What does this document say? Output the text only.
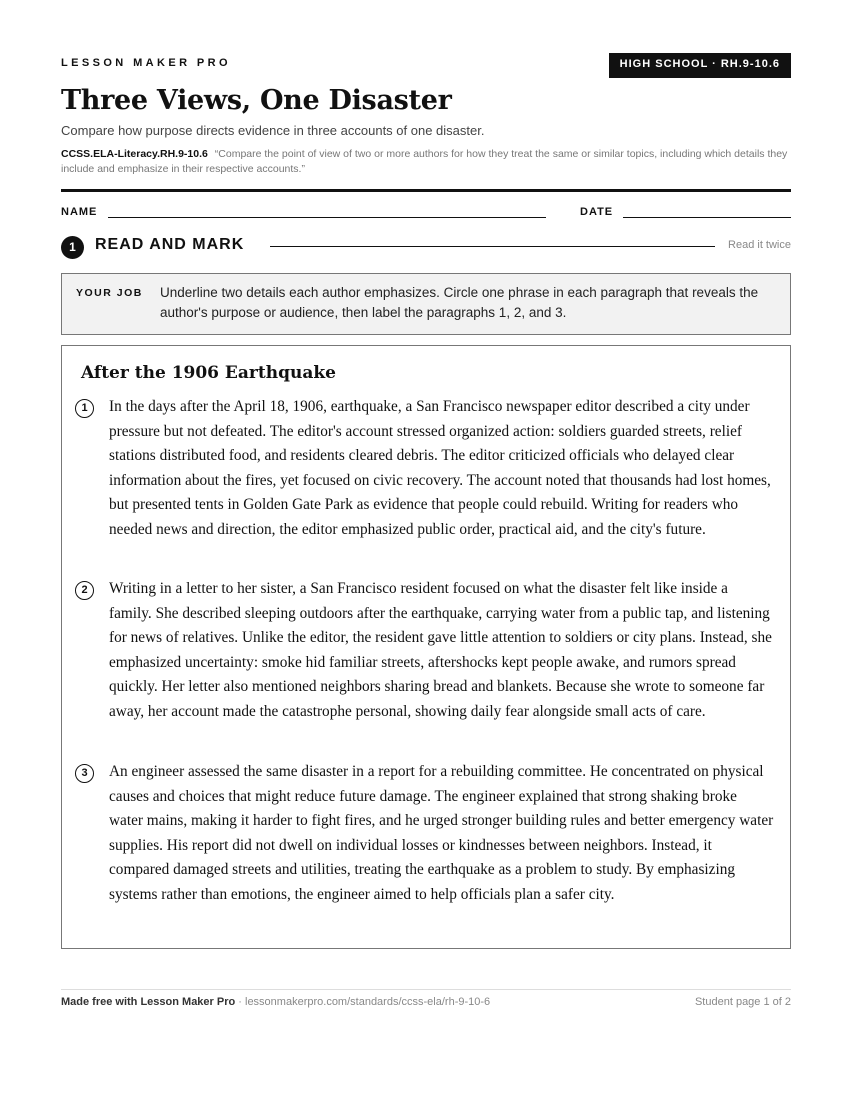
LESSON MAKER PRO	HIGH SCHOOL · RH.9-10.6
Three Views, One Disaster
Compare how purpose directs evidence in three accounts of one disaster.
CCSS.ELA-Literacy.RH.9-10.6 “Compare the point of view of two or more authors for how they treat the same or similar topics, including which details they include and emphasize in their respective accounts.”
NAME	DATE
1	READ AND MARK	Read it twice
YOUR JOB Underline two details each author emphasizes. Circle one phrase in each paragraph that reveals the author's purpose or audience, then label the paragraphs 1, 2, and 3.
After the 1906 Earthquake
1	In the days after the April 18, 1906, earthquake, a San Francisco newspaper editor described a city under pressure but not defeated. The editor's account stressed organized action: soldiers guarded streets, relief stations distributed food, and residents cleared debris. The editor criticized officials who delayed clear information about the fires, yet focused on civic recovery. The account noted that thousands had lost homes, but presented tents in Golden Gate Park as evidence that people could rebuild. Writing for readers who needed news and direction, the editor emphasized public order, practical aid, and the city's future.

2	Writing in a letter to her sister, a San Francisco resident focused on what the disaster felt like inside a family. She described sleeping outdoors after the earthquake, carrying water from a public tap, and listening for news of relatives. Unlike the editor, the resident gave little attention to soldiers or city plans. Instead, she emphasized uncertainty: smoke hid familiar streets, aftershocks kept people awake, and rumors spread quickly. Her letter also mentioned neighbors sharing bread and blankets. Because she wrote to someone far away, her account made the catastrophe personal, showing daily fear alongside small acts of care.

3	An engineer assessed the same disaster in a report for a rebuilding committee. He concentrated on physical causes and choices that might reduce future damage. The engineer explained that strong shaking broke water mains, making it harder to fight fires, and he urged stronger building rules and better emergency water supplies. His report did not dwell on individual losses or kindnesses between neighbors. Instead, it compared damaged streets and utilities, treating the earthquake as a problem to study. By emphasizing systems rather than emotions, the engineer aimed to help officials plan a safer city.

Made free with Lesson Maker Pro · lessonmakerpro.com/standards/ccss-ela/rh-9-10-6	Student page 1 of 2
